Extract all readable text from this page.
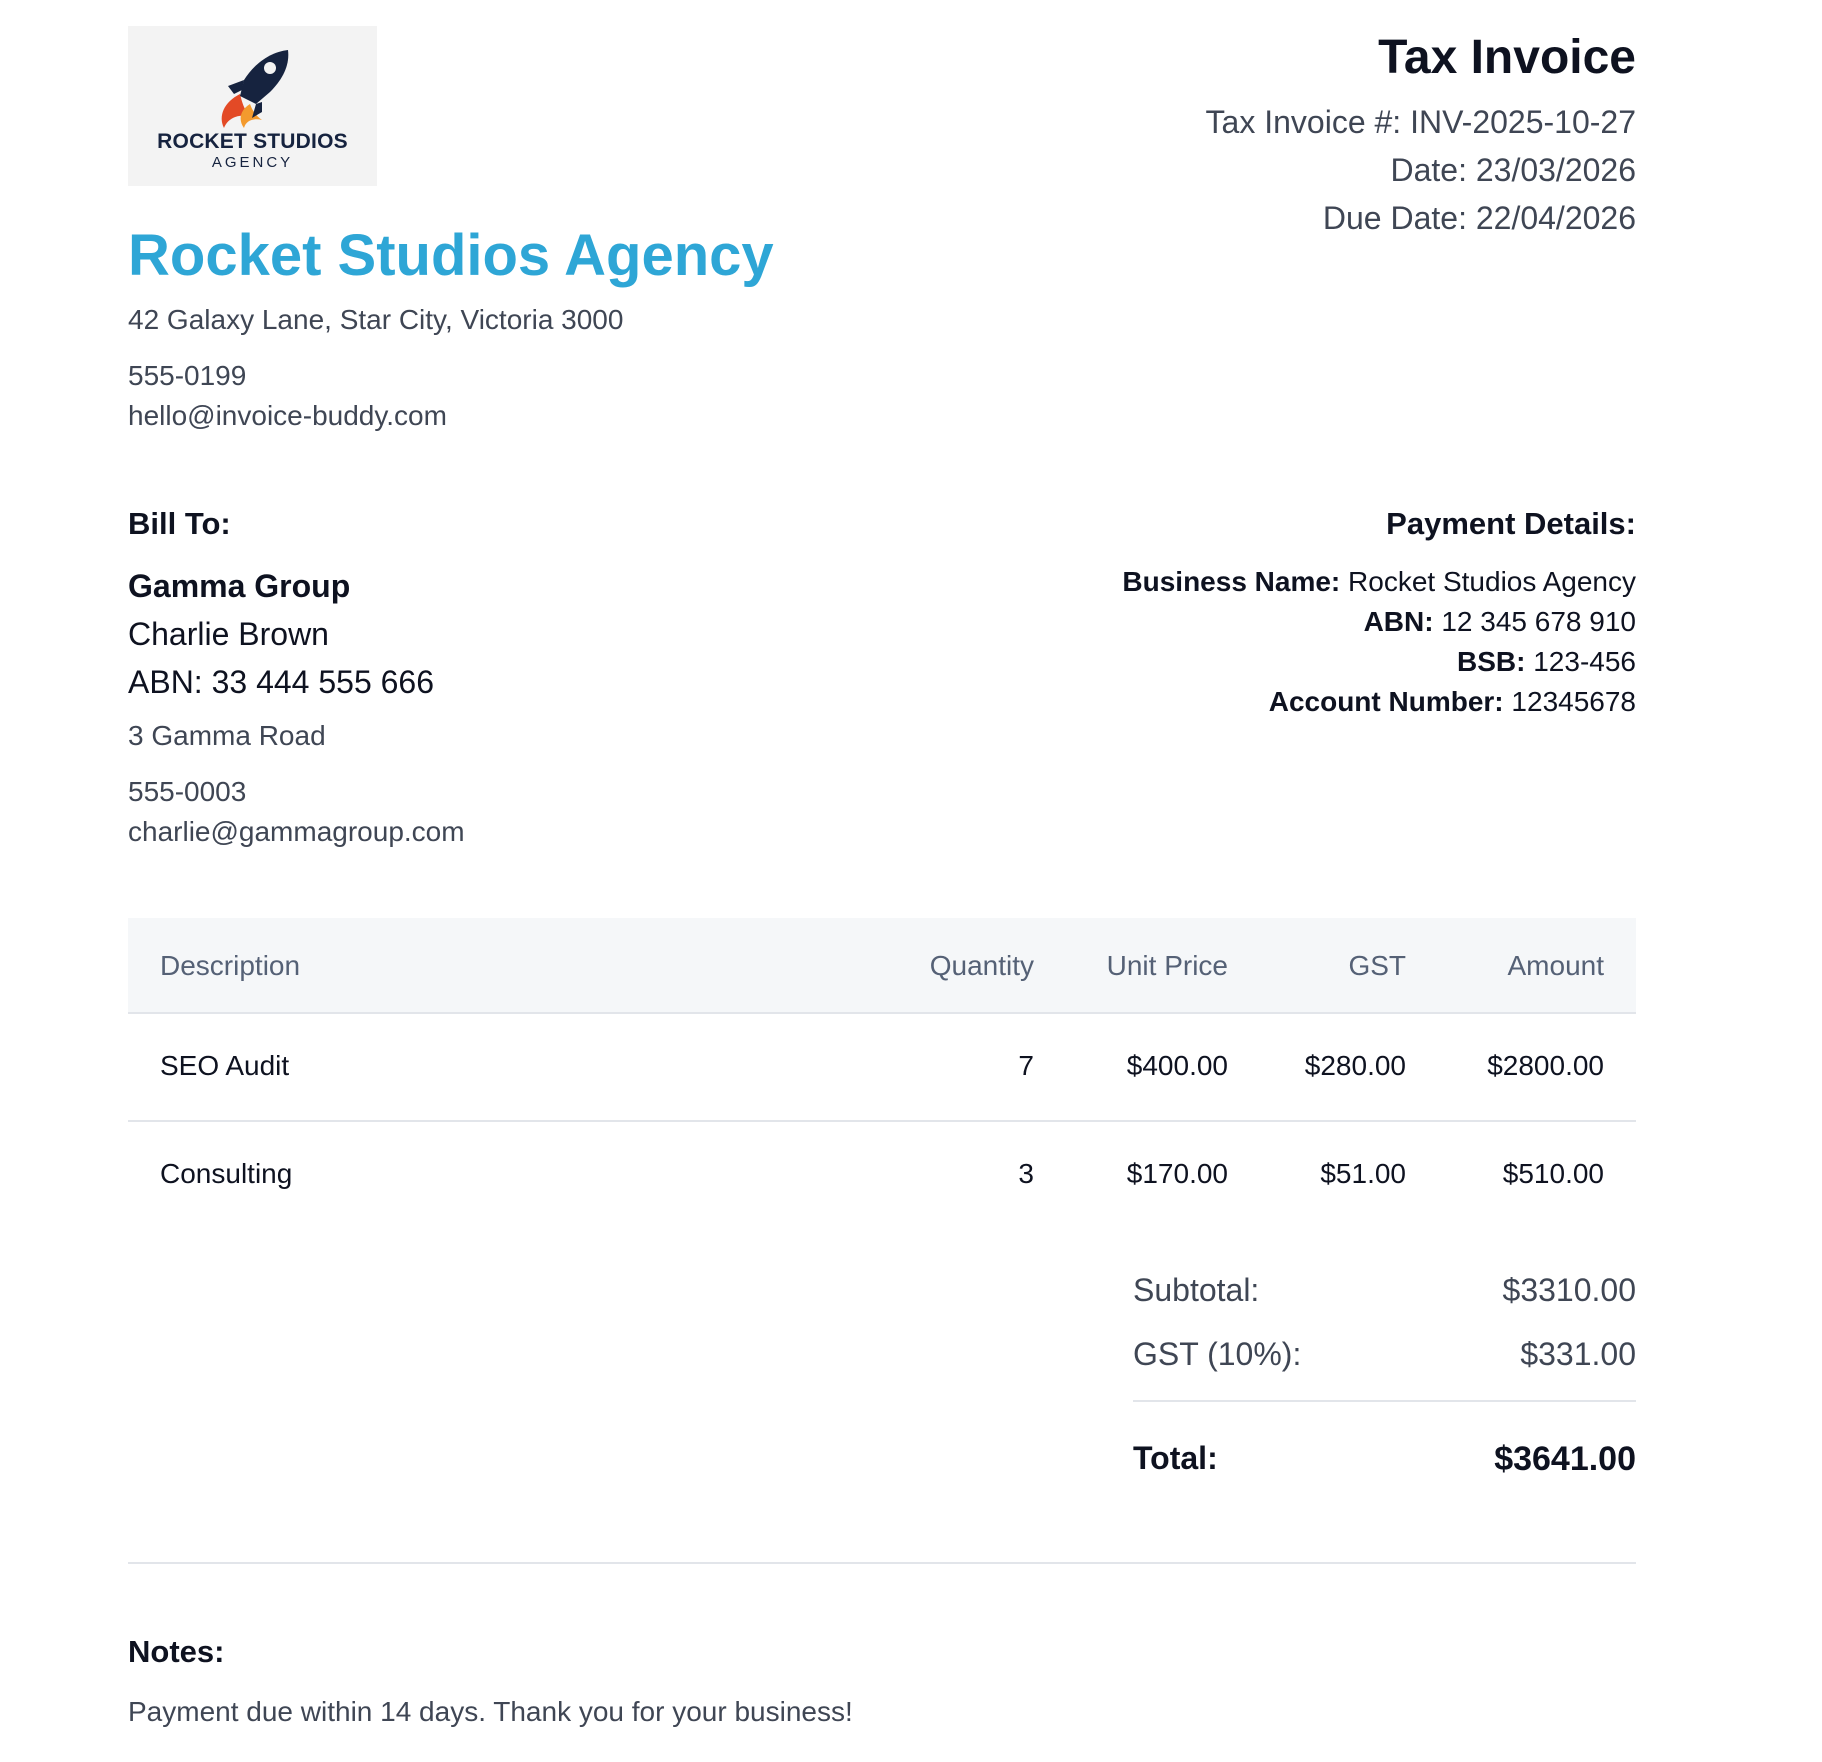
ROCKET STUDIOS
AGENCY
Rocket Studios Agency
42 Galaxy Lane, Star City, Victoria 3000
555-0199
hello@invoice-buddy.com
Tax Invoice
Tax Invoice #: INV-2025-10-27
Date: 23/03/2026
Due Date: 22/04/2026
Bill To:
Gamma Group
Charlie Brown
ABN: 33 444 555 666
3 Gamma Road
555-0003
charlie@gammagroup.com
Payment Details:
Business Name: Rocket Studios Agency
ABN: 12 345 678 910
BSB: 123-456
Account Number: 12345678
Description	Quantity	Unit Price	GST	Amount
SEO Audit	7	$400.00	$280.00	$2800.00
Consulting	3	$170.00	$51.00	$510.00
Subtotal:	$3310.00
GST (10%):	$331.00
Total:	$3641.00
Notes:
Payment due within 14 days. Thank you for your business!
